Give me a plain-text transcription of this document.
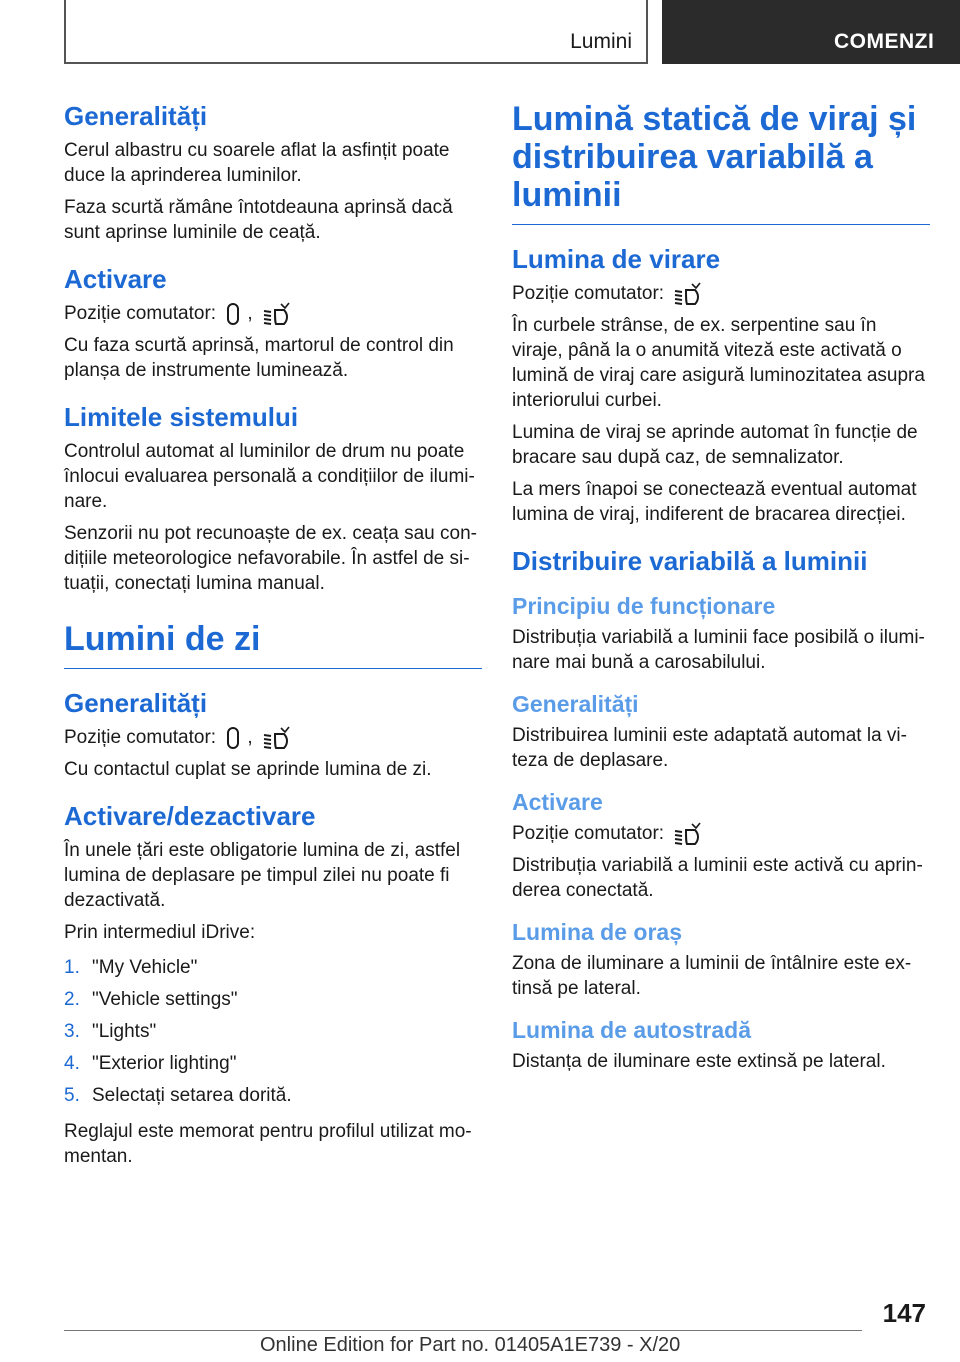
Lumini	COMENZI
Generalități

Cerul albastru cu soarele aflat la asfințit poate duce la aprinderea luminilor.

Faza scurtă rămâne întotdeauna aprinsă dacă sunt aprinse luminile de ceață.

Activare

Poziție comutator: ,

Cu faza scurtă aprinsă, martorul de control din planșa de instrumente luminează.

Limitele sistemului

Controlul automat al luminilor de drum nu poate înlocui evaluarea personală a condițiilor de ilumi‐nare.

Senzorii nu pot recunoaște de ex. ceața sau con‐dițiile meteorologice nefavorabile. În astfel de si‐tuații, conectați lumina manual.

Lumini de zi
Generalități

Poziție comutator: ,

Cu contactul cuplat se aprinde lumina de zi.

Activare/dezactivare

În unele țări este obligatorie lumina de zi, astfel lumina de deplasare pe timpul zilei nu poate fi dezactivată.

Prin intermediul iDrive:

1. "My Vehicle"
2. "Vehicle settings"
3. "Lights"
4. "Exterior lighting"
5. Selectați setarea dorită.

Reglajul este memorat pentru profilul utilizat mo‐mentan.

Lumină statică de viraj și distribuirea variabilă a luminii
Lumina de virare

Poziție comutator:

În curbele strânse, de ex. serpentine sau în viraje, până la o anumită viteză este activată o lumină de viraj care asigură luminozitatea asupra interiorului curbei.

Lumina de viraj se aprinde automat în funcție de bracare sau după caz, de semnalizator.

La mers înapoi se conectează eventual automat lumina de viraj, indiferent de bracarea direcției.

Distribuire variabilă a luminii
Principiu de funcționare

Distribuția variabilă a luminii face posibilă o ilumi‐nare mai bună a carosabilului.

Generalități

Distribuirea luminii este adaptată automat la vi‐teza de deplasare.

Activare

Poziție comutator:

Distribuția variabilă a luminii este activă cu aprin‐derea conectată.

Lumina de oraș

Zona de iluminare a luminii de întâlnire este ex‐tinsă pe lateral.

Lumina de autostradă

Distanța de iluminare este extinsă pe lateral.

147
Online Edition for Part no. 01405A1E739 - X/20
